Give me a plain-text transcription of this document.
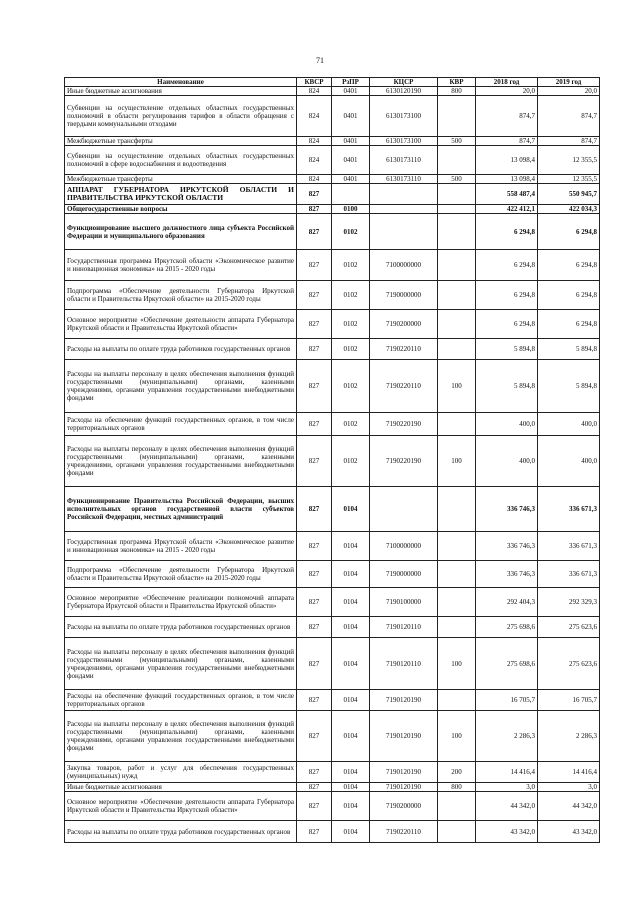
71
Наименование	КВСР	РзПР	КЦСР	КВР	2018 год	2019 год
Иные бюджетные ассигнования	824	0401	6130120190	800	20,0	20,0
Субвенции на осуществление отдельных областных государственных полномочий в области регулирования тарифов в области обращения с твердыми коммунальными отходами	824	0401	6130173100		874,7	874,7
Межбюджетные трансферты	824	0401	6130173100	500	874,7	874,7
Субвенции на осуществление отдельных областных государственных полномочий в сфере водоснабжения и водоотведения	824	0401	6130173110		13 098,4	12 355,5
Межбюджетные трансферты	824	0401	6130173110	500	13 098,4	12 355,5
АППАРАТ ГУБЕРНАТОРА ИРКУТСКОЙ ОБЛАСТИ И ПРАВИТЕЛЬСТВА ИРКУТСКОЙ ОБЛАСТИ	827				558 487,4	550 945,7
Общегосударственные вопросы	827	0100			422 412,1	422 034,3
Функционирование высшего должностного лица субъекта Российской Федерации и муниципального образования	827	0102			6 294,8	6 294,8
Государственная программа Иркутской области «Экономическое развитие и инновационная экономика» на 2015 - 2020 годы	827	0102	7100000000		6 294,8	6 294,8
Подпрограмма «Обеспечение деятельности Губернатора Иркутской области и Правительства Иркутской области» на 2015-2020 годы	827	0102	7190000000		6 294,8	6 294,8
Основное мероприятие «Обеспечение деятельности аппарата Губернатора Иркутской области и Правительства Иркутской области»	827	0102	7190200000		6 294,8	6 294,8
Расходы на выплаты по оплате труда работников государственных органов	827	0102	7190220110		5 894,8	5 894,8
Расходы на выплаты персоналу в целях обеспечения выполнения функций государственными (муниципальными) органами, казенными учреждениями, органами управления государственными внебюджетными фондами	827	0102	7190220110	100	5 894,8	5 894,8
Расходы на обеспечение функций государственных органов, в том числе территориальных органов	827	0102	7190220190		400,0	400,0
Расходы на выплаты персоналу в целях обеспечения выполнения функций государственными (муниципальными) органами, казенными учреждениями, органами управления государственными внебюджетными фондами	827	0102	7190220190	100	400,0	400,0
Функционирование Правительства Российской Федерации, высших исполнительных органов государственной власти субъектов Российской Федерации, местных администраций	827	0104			336 746,3	336 671,3
Государственная программа Иркутской области «Экономическое развитие и инновационная экономика» на 2015 - 2020 годы	827	0104	7100000000		336 746,3	336 671,3
Подпрограмма «Обеспечение деятельности Губернатора Иркутской области и Правительства Иркутской области» на 2015-2020 годы	827	0104	7190000000		336 746,3	336 671,3
Основное мероприятие «Обеспечение реализации полномочий аппарата Губернатора Иркутской области и Правительства Иркутской области»	827	0104	7190100000		292 404,3	292 329,3
Расходы на выплаты по оплате труда работников государственных органов	827	0104	7190120110		275 698,6	275 623,6
Расходы на выплаты персоналу в целях обеспечения выполнения функций государственными (муниципальными) органами, казенными учреждениями, органами управления государственными внебюджетными фондами	827	0104	7190120110	100	275 698,6	275 623,6
Расходы на обеспечение функций государственных органов, в том числе территориальных органов	827	0104	7190120190		16 705,7	16 705,7
Расходы на выплаты персоналу в целях обеспечения выполнения функций государственными (муниципальными) органами, казенными учреждениями, органами управления государственными внебюджетными фондами	827	0104	7190120190	100	2 286,3	2 286,3
Закупка товаров, работ и услуг для обеспечения государственных (муниципальных) нужд	827	0104	7190120190	200	14 416,4	14 416,4
Иные бюджетные ассигнования	827	0104	7190120190	800	3,0	3,0
Основное мероприятие «Обеспечение деятельности аппарата Губернатора Иркутской области и Правительства Иркутской области»	827	0104	7190200000		44 342,0	44 342,0
Расходы на выплаты по оплате труда работников государственных органов	827	0104	7190220110		43 342,0	43 342,0
